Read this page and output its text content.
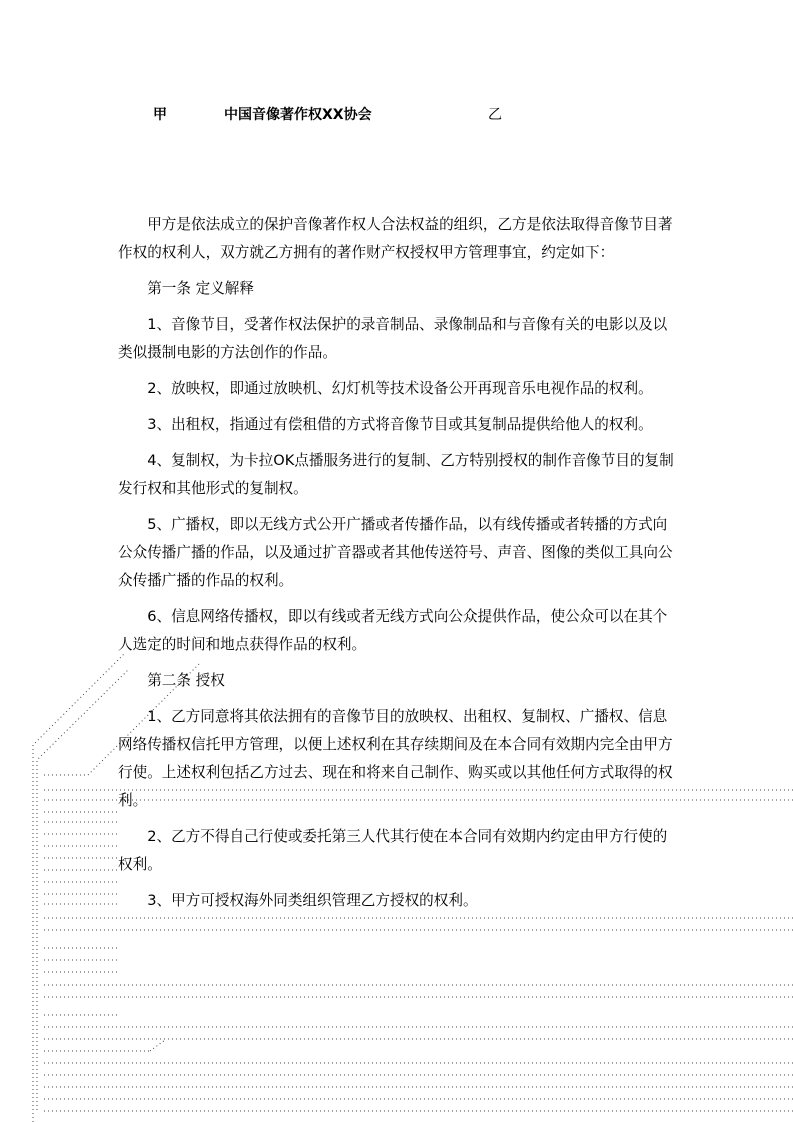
甲	中国音像著作权XX协会	乙

甲方是依法成立的保护音像著作权人合法权益的组织，乙方是依法取得音像节目著作权的权利人，双方就乙方拥有的著作财产权授权甲方管理事宜，约定如下：

第一条 定义解释

1、音像节目，受著作权法保护的录音制品、录像制品和与音像有关的电影以及以类似摄制电影的方法创作的作品。

2、放映权，即通过放映机、幻灯机等技术设备公开再现音乐电视作品的权利。

3、出租权，指通过有偿租借的方式将音像节目或其复制品提供给他人的权利。

4、复制权，为卡拉OK点播服务进行的复制、乙方特别授权的制作音像节目的复制发行权和其他形式的复制权。

5、广播权，即以无线方式公开广播或者传播作品，以有线传播或者转播的方式向公众传播广播的作品，以及通过扩音器或者其他传送符号、声音、图像的类似工具向公众传播广播的作品的权利。

6、信息网络传播权，即以有线或者无线方式向公众提供作品，使公众可以在其个人选定的时间和地点获得作品的权利。

第二条 授权

1、乙方同意将其依法拥有的音像节目的放映权、出租权、复制权、广播权、信息网络传播权信托甲方管理，以便上述权利在其存续期间及在本合同有效期内完全由甲方行使。上述权利包括乙方过去、现在和将来自己制作、购买或以其他任何方式取得的权利。

2、乙方不得自己行使或委托第三人代其行使在本合同有效期内约定由甲方行使的权利。

3、甲方可授权海外同类组织管理乙方授权的权利。
